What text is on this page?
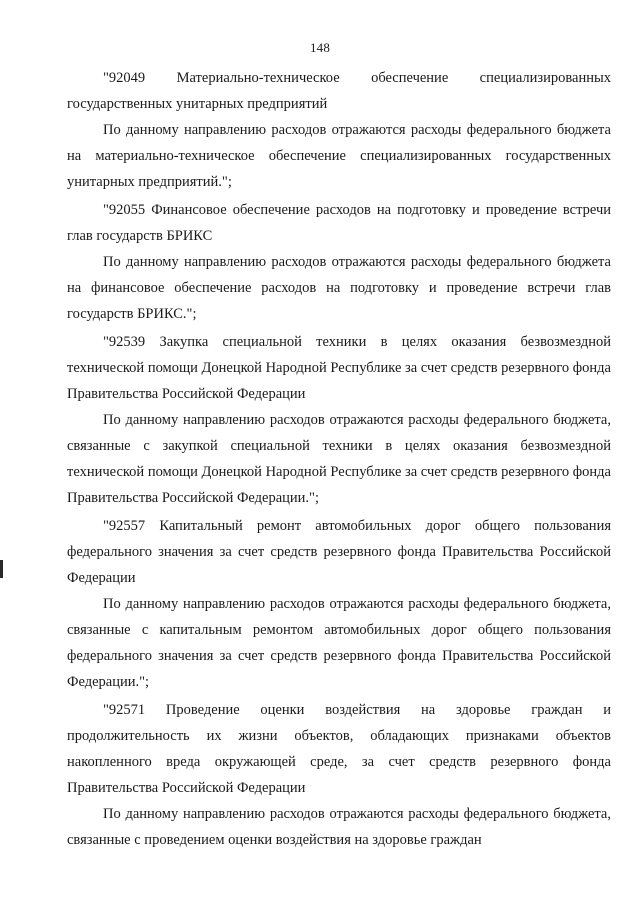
148

"92049 Материально-техническое обеспечение специализированных государственных унитарных предприятий

По данному направлению расходов отражаются расходы федерального бюджета на материально-техническое обеспечение специализированных государственных унитарных предприятий.";

"92055 Финансовое обеспечение расходов на подготовку и проведение встречи глав государств БРИКС

По данному направлению расходов отражаются расходы федерального бюджета на финансовое обеспечение расходов на подготовку и проведение встречи глав государств БРИКС.";

"92539 Закупка специальной техники в целях оказания безвозмездной технической помощи Донецкой Народной Республике за счет средств резервного фонда Правительства Российской Федерации

По данному направлению расходов отражаются расходы федерального бюджета, связанные с закупкой специальной техники в целях оказания безвозмездной технической помощи Донецкой Народной Республике за счет средств резервного фонда Правительства Российской Федерации.";

"92557 Капитальный ремонт автомобильных дорог общего пользования федерального значения за счет средств резервного фонда Правительства Российской Федерации

По данному направлению расходов отражаются расходы федерального бюджета, связанные с капитальным ремонтом автомобильных дорог общего пользования федерального значения за счет средств резервного фонда Правительства Российской Федерации.";

"92571 Проведение оценки воздействия на здоровье граждан и продолжительность их жизни объектов, обладающих признаками объектов накопленного вреда окружающей среде, за счет средств резервного фонда Правительства Российской Федерации

По данному направлению расходов отражаются расходы федерального бюджета, связанные с проведением оценки воздействия на здоровье граждан
